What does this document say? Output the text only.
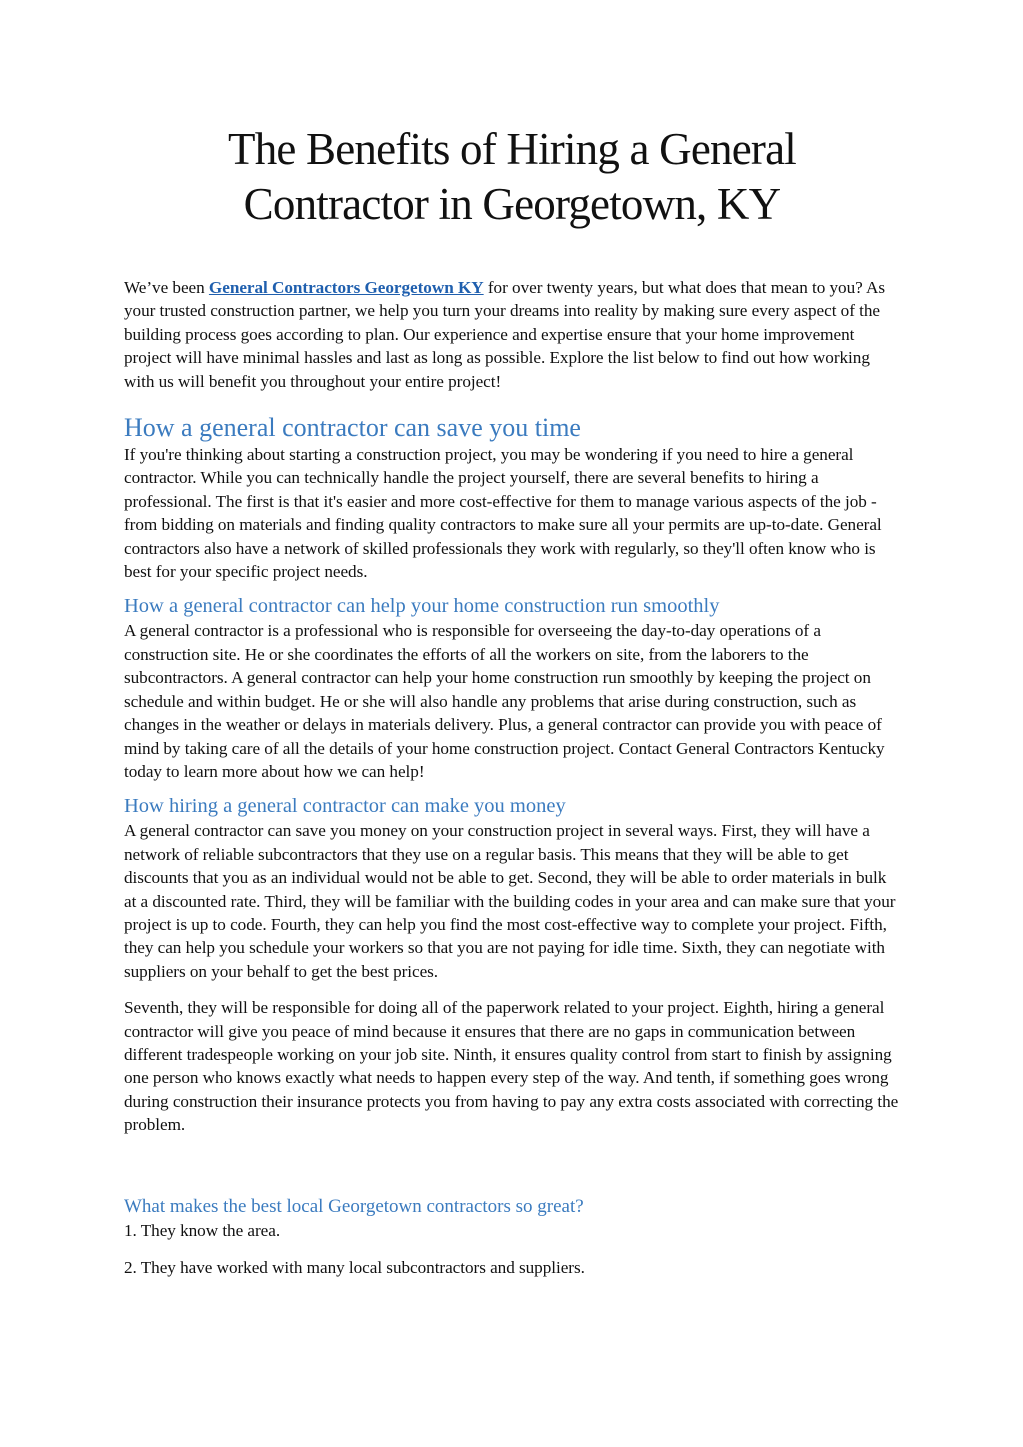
The Benefits of Hiring a General
Contractor in Georgetown, KY

We’ve been General Contractors Georgetown KY for over twenty years, but what does that mean to you? As your trusted construction partner, we help you turn your dreams into reality by making sure every aspect of the building process goes according to plan. Our experience and expertise ensure that your home improvement project will have minimal hassles and last as long as possible. Explore the list below to find out how working with us will benefit you throughout your entire project!

How a general contractor can save you time

If you're thinking about starting a construction project, you may be wondering if you need to hire a general contractor. While you can technically handle the project yourself, there are several benefits to hiring a professional. The first is that it's easier and more cost-effective for them to manage various aspects of the job - from bidding on materials and finding quality contractors to make sure all your permits are up-to-date. General contractors also have a network of skilled professionals they work with regularly, so they'll often know who is best for your specific project needs.

How a general contractor can help your home construction run smoothly

A general contractor is a professional who is responsible for overseeing the day-to-day operations of a construction site. He or she coordinates the efforts of all the workers on site, from the laborers to the subcontractors. A general contractor can help your home construction run smoothly by keeping the project on schedule and within budget. He or she will also handle any problems that arise during construction, such as changes in the weather or delays in materials delivery. Plus, a general contractor can provide you with peace of mind by taking care of all the details of your home construction project. Contact General Contractors Kentucky today to learn more about how we can help!

How hiring a general contractor can make you money

A general contractor can save you money on your construction project in several ways. First, they will have a network of reliable subcontractors that they use on a regular basis. This means that they will be able to get discounts that you as an individual would not be able to get. Second, they will be able to order materials in bulk at a discounted rate. Third, they will be familiar with the building codes in your area and can make sure that your project is up to code. Fourth, they can help you find the most cost-effective way to complete your project. Fifth, they can help you schedule your workers so that you are not paying for idle time. Sixth, they can negotiate with suppliers on your behalf to get the best prices.

Seventh, they will be responsible for doing all of the paperwork related to your project. Eighth, hiring a general contractor will give you peace of mind because it ensures that there are no gaps in communication between different tradespeople working on your job site. Ninth, it ensures quality control from start to finish by assigning one person who knows exactly what needs to happen every step of the way. And tenth, if something goes wrong during construction their insurance protects you from having to pay any extra costs associated with correcting the problem.

What makes the best local Georgetown contractors so great?

1. They know the area.

2. They have worked with many local subcontractors and suppliers.
